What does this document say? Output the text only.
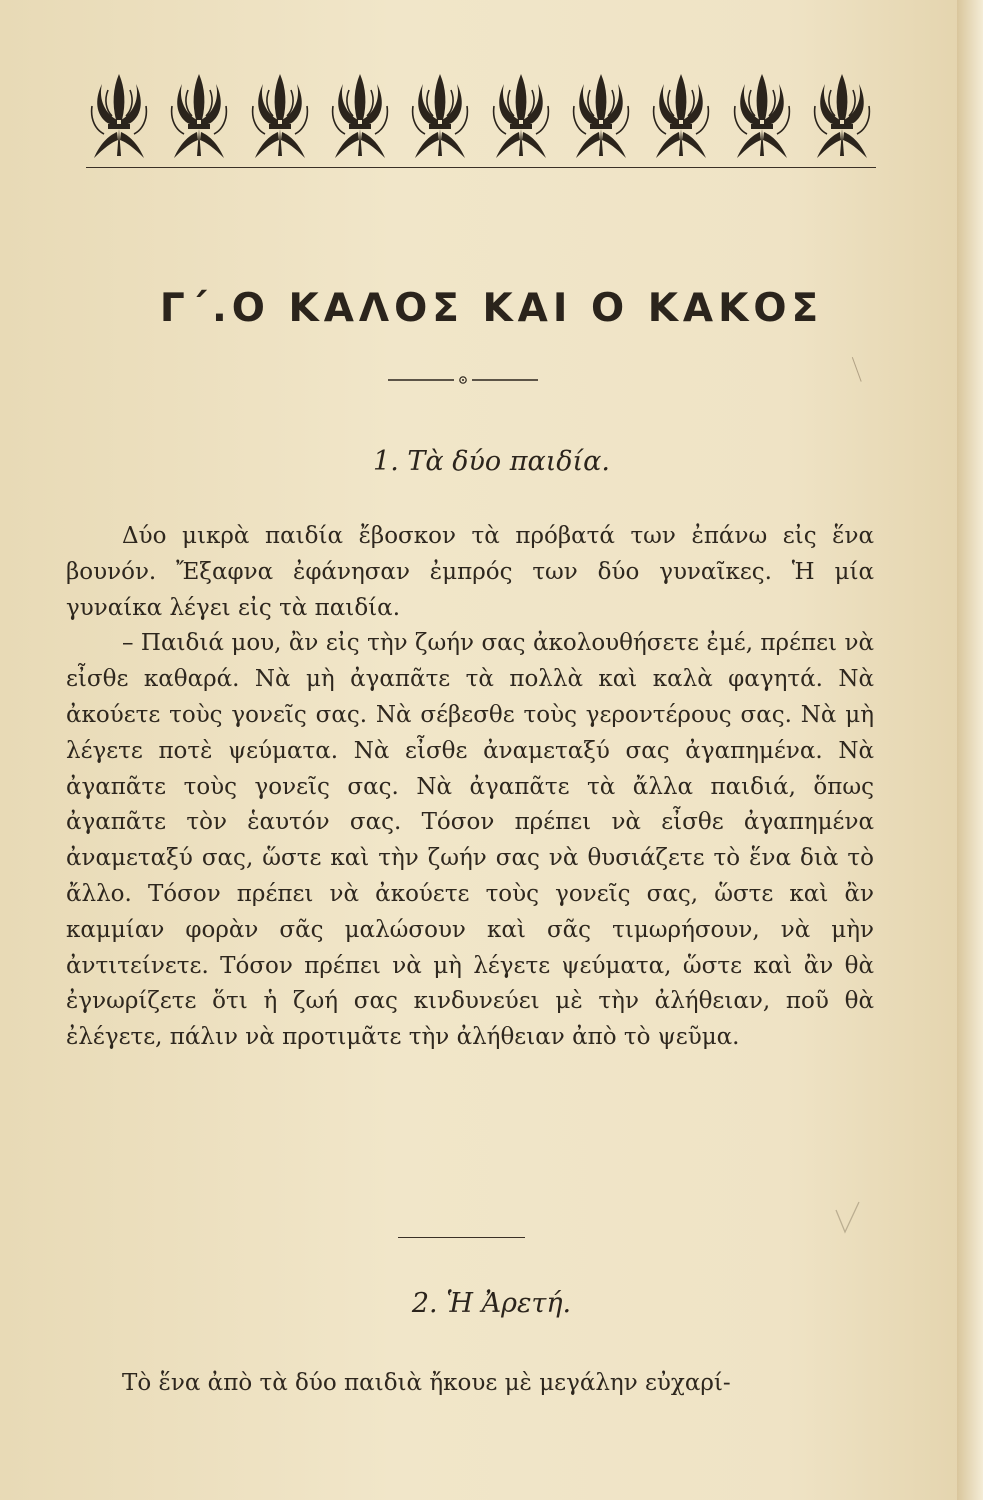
Γ΄.Ο ΚΑΛΟΣ ΚΑΙ Ο ΚΑΚΟΣ
1. Τὰ δύο παιδία.

Δύο μικρὰ παιδία ἔβοσκον τὰ πρόβατά των ἐπάνω εἰς ἕνα βουνόν. Ἔξαφνα ἐφάνησαν ἐμπρός των δύο γυναῖκες. Ἡ μία γυναίκα λέγει εἰς τὰ παιδία.

– Παιδιά μου, ἂν εἰς τὴν ζωήν σας ἀκολουθήσετε ἐμέ, πρέπει νὰ εἶσθε καθαρά. Νὰ μὴ ἀγαπᾶτε τὰ πολλὰ καὶ καλὰ φαγητά. Νὰ ἀκούετε τοὺς γονεῖς σας. Νὰ σέβεσθε τοὺς γεροντέρους σας. Νὰ μὴ λέγετε ποτὲ ψεύματα. Νὰ εἶσθε ἀναμεταξύ σας ἀγαπημένα. Νὰ ἀγαπᾶτε τοὺς γονεῖς σας. Νὰ ἀγαπᾶτε τὰ ἄλλα παιδιά, ὅπως ἀγαπᾶτε τὸν ἑαυτόν σας. Τόσον πρέπει νὰ εἶσθε ἀγαπημένα ἀναμεταξύ σας, ὥστε καὶ τὴν ζωήν σας νὰ θυσιάζετε τὸ ἕνα διὰ τὸ ἄλλο. Τόσον πρέπει νὰ ἀκούετε τοὺς γονεῖς σας, ὥστε καὶ ἂν καμμίαν φορὰν σᾶς μαλώσουν καὶ σᾶς τιμωρήσουν, νὰ μὴν ἀντιτείνετε. Τόσον πρέπει νὰ μὴ λέγετε ψεύματα, ὥστε καὶ ἂν θὰ ἐγνωρίζετε ὅτι ἡ ζωή σας κινδυνεύει μὲ τὴν ἀλήθειαν, ποῦ θὰ ἐλέγετε, πάλιν νὰ προτιμᾶτε τὴν ἀλήθειαν ἀπὸ τὸ ψεῦμα.

2. Ἡ Ἀρετή.

Τὸ ἕνα ἀπὸ τὰ δύο παιδιὰ ἤκουε μὲ μεγάλην εὐχαρί-
